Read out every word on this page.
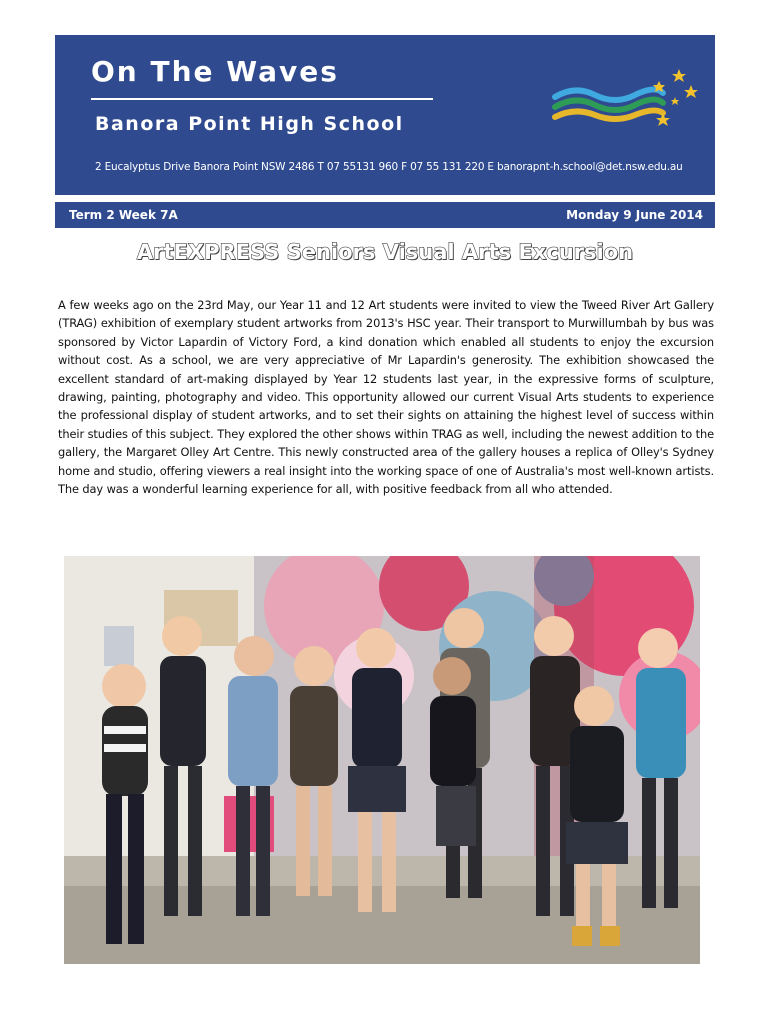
On The Waves
Banora Point High School
2 Eucalyptus Drive Banora Point NSW 2486 T 07 55131 960 F 07 55 131 220 E banorapnt-h.school@det.nsw.edu.au
Term 2 Week 7A	Monday 9 June 2014
ArtEXPRESS Seniors Visual Arts Excursion

A few weeks ago on the 23rd May, our Year 11 and 12 Art students were invited to view the Tweed River Art Gallery (TRAG) exhibition of exemplary student artworks from 2013's HSC year. Their transport to Murwillumbah by bus was sponsored by Victor Lapardin of Victory Ford, a kind donation which enabled all students to enjoy the excursion without cost. As a school, we are very appreciative of Mr Lapardin's generosity. The exhibition showcased the excellent standard of art-making displayed by Year 12 students last year, in the expressive forms of sculpture, drawing, painting, photography and video. This opportunity allowed our current Visual Arts students to experience the professional display of student artworks, and to set their sights on attaining the highest level of success within their studies of this subject. They explored the other shows within TRAG as well, including the newest addition to the gallery, the Margaret Olley Art Centre. This newly constructed area of the gallery houses a replica of Olley's Sydney home and studio, offering viewers a real insight into the working space of one of Australia's most well-known artists. The day was a wonderful learning experience for all, with positive feedback from all who attended.
